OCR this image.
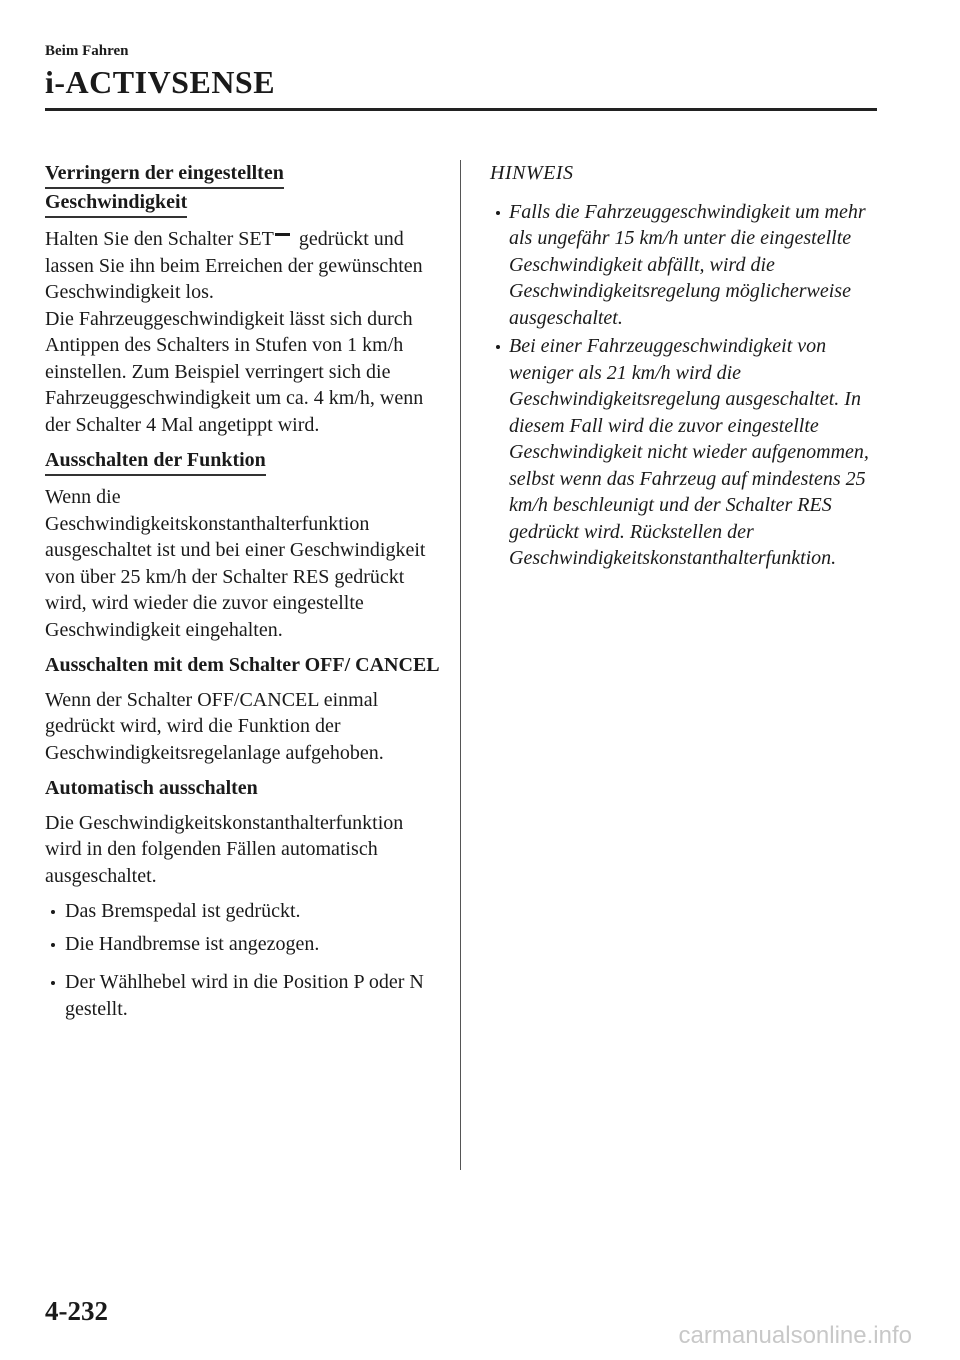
Beim Fahren
i-ACTIVSENSE
Verringern der eingestellten
Geschwindigkeit

Halten Sie den Schalter SET gedrückt und lassen Sie ihn beim Erreichen der gewünschten Geschwindigkeit los.
Die Fahrzeuggeschwindigkeit lässt sich durch Antippen des Schalters in Stufen von 1 km/h einstellen. Zum Beispiel verringert sich die Fahrzeuggeschwindigkeit um ca. 4 km/h, wenn der Schalter 4 Mal angetippt wird.

Ausschalten der Funktion

Wenn die Geschwindigkeitskonstanthalterfunktion ausgeschaltet ist und bei einer Geschwindigkeit von über 25 km/h der Schalter RES gedrückt wird, wird wieder die zuvor eingestellte Geschwindigkeit eingehalten.

Ausschalten mit dem Schalter OFF/ CANCEL

Wenn der Schalter OFF/CANCEL einmal gedrückt wird, wird die Funktion der Geschwindigkeitsregelanlage aufgehoben.

Automatisch ausschalten

Die Geschwindigkeitskonstanthalterfunktion wird in den folgenden Fällen automatisch ausgeschaltet.

Das Bremspedal ist gedrückt.
Die Handbremse ist angezogen.
Der Wählhebel wird in die Position P oder N gestellt.
HINWEIS
Falls die Fahrzeuggeschwindigkeit um mehr als ungefähr 15 km/h unter die eingestellte Geschwindigkeit abfällt, wird die Geschwindigkeitsregelung möglicherweise ausgeschaltet.
Bei einer Fahrzeuggeschwindigkeit von weniger als 21 km/h wird die Geschwindigkeitsregelung ausgeschaltet. In diesem Fall wird die zuvor eingestellte Geschwindigkeit nicht wieder aufgenommen, selbst wenn das Fahrzeug auf mindestens 25 km/h beschleunigt und der Schalter RES gedrückt wird. Rückstellen der Geschwindigkeitskonstanthalterfunktion.
4-232
carmanualsonline.info
